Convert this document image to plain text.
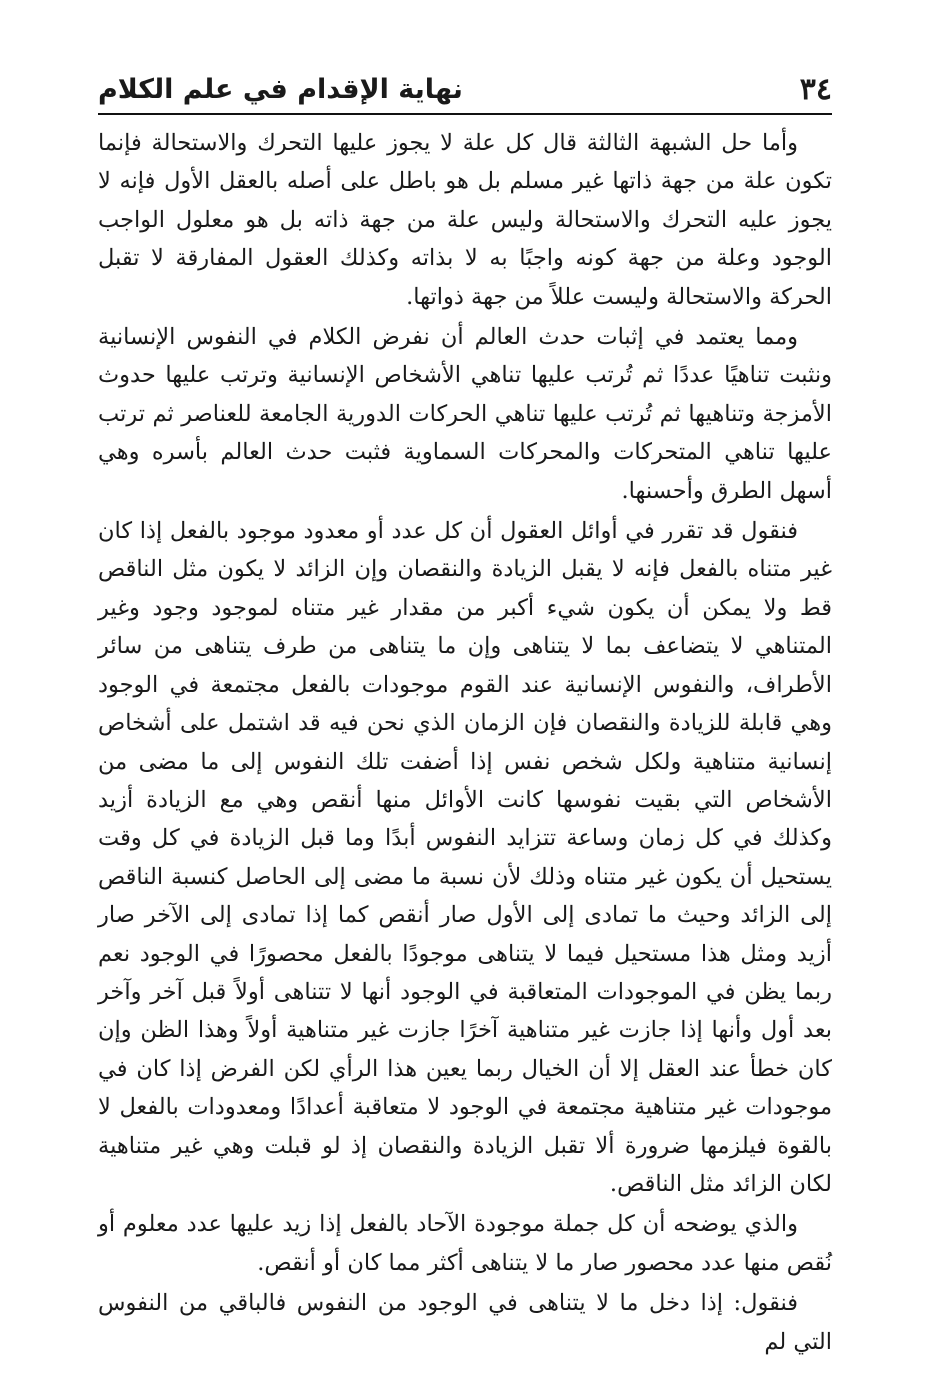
٣٤
نهاية الإقدام في علم الكلام

وأما حل الشبهة الثالثة قال كل علة لا يجوز عليها التحرك والاستحالة فإنما تكون علة من جهة ذاتها غير مسلم بل هو باطل على أصله بالعقل الأول فإنه لا يجوز عليه التحرك والاستحالة وليس علة من جهة ذاته بل هو معلول الواجب الوجود وعلة من جهة كونه واجبًا به لا بذاته وكذلك العقول المفارقة لا تقبل الحركة والاستحالة وليست عللاً من جهة ذواتها.

ومما يعتمد في إثبات حدث العالم أن نفرض الكلام في النفوس الإنسانية ونثبت تناهيًا عددًا ثم تُرتب عليها تناهي الأشخاص الإنسانية وترتب عليها حدوث الأمزجة وتناهيها ثم تُرتب عليها تناهي الحركات الدورية الجامعة للعناصر ثم ترتب عليها تناهي المتحركات والمحركات السماوية فثبت حدث العالم بأسره وهي أسهل الطرق وأحسنها.

فنقول قد تقرر في أوائل العقول أن كل عدد أو معدود موجود بالفعل إذا كان غير متناه بالفعل فإنه لا يقبل الزيادة والنقصان وإن الزائد لا يكون مثل الناقص قط ولا يمكن أن يكون شيء أكبر من مقدار غير متناه لموجود وجود وغير المتناهي لا يتضاعف بما لا يتناهى وإن ما يتناهى من طرف يتناهى من سائر الأطراف، والنفوس الإنسانية عند القوم موجودات بالفعل مجتمعة في الوجود وهي قابلة للزيادة والنقصان فإن الزمان الذي نحن فيه قد اشتمل على أشخاص إنسانية متناهية ولكل شخص نفس إذا أضفت تلك النفوس إلى ما مضى من الأشخاص التي بقيت نفوسها كانت الأوائل منها أنقص وهي مع الزيادة أزيد وكذلك في كل زمان وساعة تتزايد النفوس أبدًا وما قبل الزيادة في كل وقت يستحيل أن يكون غير متناه وذلك لأن نسبة ما مضى إلى الحاصل كنسبة الناقص إلى الزائد وحيث ما تمادى إلى الأول صار أنقص كما إذا تمادى إلى الآخر صار أزيد ومثل هذا مستحيل فيما لا يتناهى موجودًا بالفعل محصورًا في الوجود نعم ربما يظن في الموجودات المتعاقبة في الوجود أنها لا تتناهى أولاً قبل آخر وآخر بعد أول وأنها إذا جازت غير متناهية آخرًا جازت غير متناهية أولاً وهذا الظن وإن كان خطأ عند العقل إلا أن الخيال ربما يعين هذا الرأي لكن الفرض إذا كان في موجودات غير متناهية مجتمعة في الوجود لا متعاقبة أعدادًا ومعدودات بالفعل لا بالقوة فيلزمها ضرورة ألا تقبل الزيادة والنقصان إذ لو قبلت وهي غير متناهية لكان الزائد مثل الناقص.

والذي يوضحه أن كل جملة موجودة الآحاد بالفعل إذا زيد عليها عدد معلوم أو نُقص منها عدد محصور صار ما لا يتناهى أكثر مما كان أو أنقص.

فنقول: إذا دخل ما لا يتناهى في الوجود من النفوس فالباقي من النفوس التي لم
